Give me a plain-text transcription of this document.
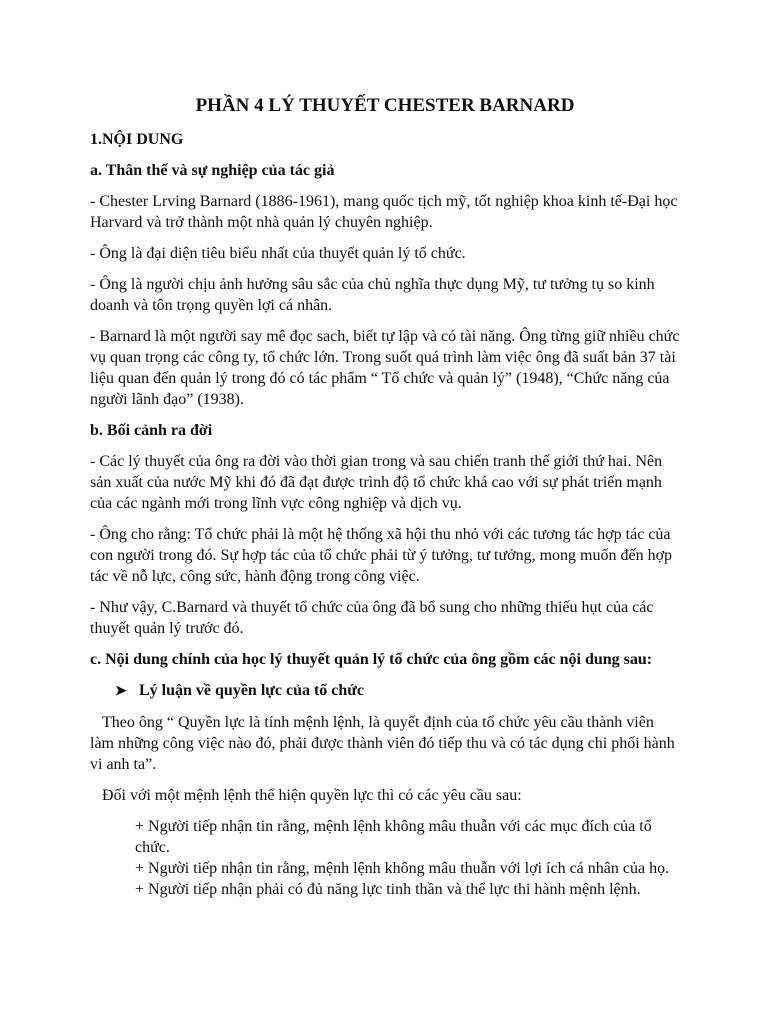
PHẦN 4 LÝ THUYẾT CHESTER BARNARD
1.NỘI DUNG
a. Thân thế và sự nghiệp của tác giả

- Chester Lrving Barnard (1886-1961), mang quốc tịch mỹ, tốt nghiệp khoa kinh tế-Đại học Harvard và trở thành một nhà quản lý chuyên nghiệp.

- Ông là đại diện tiêu biểu nhất của thuyết quản lý tổ chức.

- Ông là người chịu ảnh hưởng sâu sắc của chủ nghĩa thực dụng Mỹ, tư tưởng tụ so kinh doanh và tôn trọng quyền lợi cá nhân.

- Barnard là một người say mê đọc sach, biết tự lập và có tài năng. Ông từng giữ nhiều chức vụ quan trọng các công ty, tổ chức lớn. Trong suốt quá trình làm việc ông đã suất bản 37 tài liệu quan đến quản lý trong đó có tác phẩm “ Tổ chức và quản lý” (1948), “Chức năng của người lãnh đạo” (1938).

b. Bối cảnh ra đời

- Các lý thuyết của ông ra đời vào thời gian trong và sau chiến tranh thế giới thứ hai. Nên sản xuất của nước Mỹ khi đó đã đạt được trình độ tổ chức khá cao với sự phát triển mạnh của các ngành mới trong lĩnh vực công nghiệp và dịch vụ.

- Ông cho rằng: Tổ chức phải là một hệ thống xã hội thu nhỏ với các tương tác hợp tác của con người trong đó. Sự hợp tác của tổ chức phải từ ý tưởng, tư tưởng, mong muốn đến hợp tác về nỗ lực, công sức, hành động trong công việc.

- Như vậy, C.Barnard và thuyết tổ chức của ông đã bổ sung cho những thiếu hụt của các thuyết quản lý trước đó.

c. Nội dung chính của học lý thuyết quản lý tổ chức của ông gồm các nội dung sau:
➤ Lý luận về quyền lực của tổ chức

Theo ông “ Quyền lực là tính mệnh lệnh, là quyết định của tổ chức yêu cầu thành viên làm những công việc nào đó, phải được thành viên đó tiếp thu và có tác dụng chi phối hành vi anh ta”.

Đối với một mệnh lệnh thể hiện quyền lực thì có các yêu cầu sau:

+ Người tiếp nhận tin rằng, mệnh lệnh không mâu thuẫn với các mục đích của tổ chức.
+ Người tiếp nhận tin rằng, mệnh lệnh không mâu thuẫn với lợi ích cá nhân của họ.
+ Người tiếp nhận phải có đủ năng lực tinh thần và thể lực thi hành mệnh lệnh.
